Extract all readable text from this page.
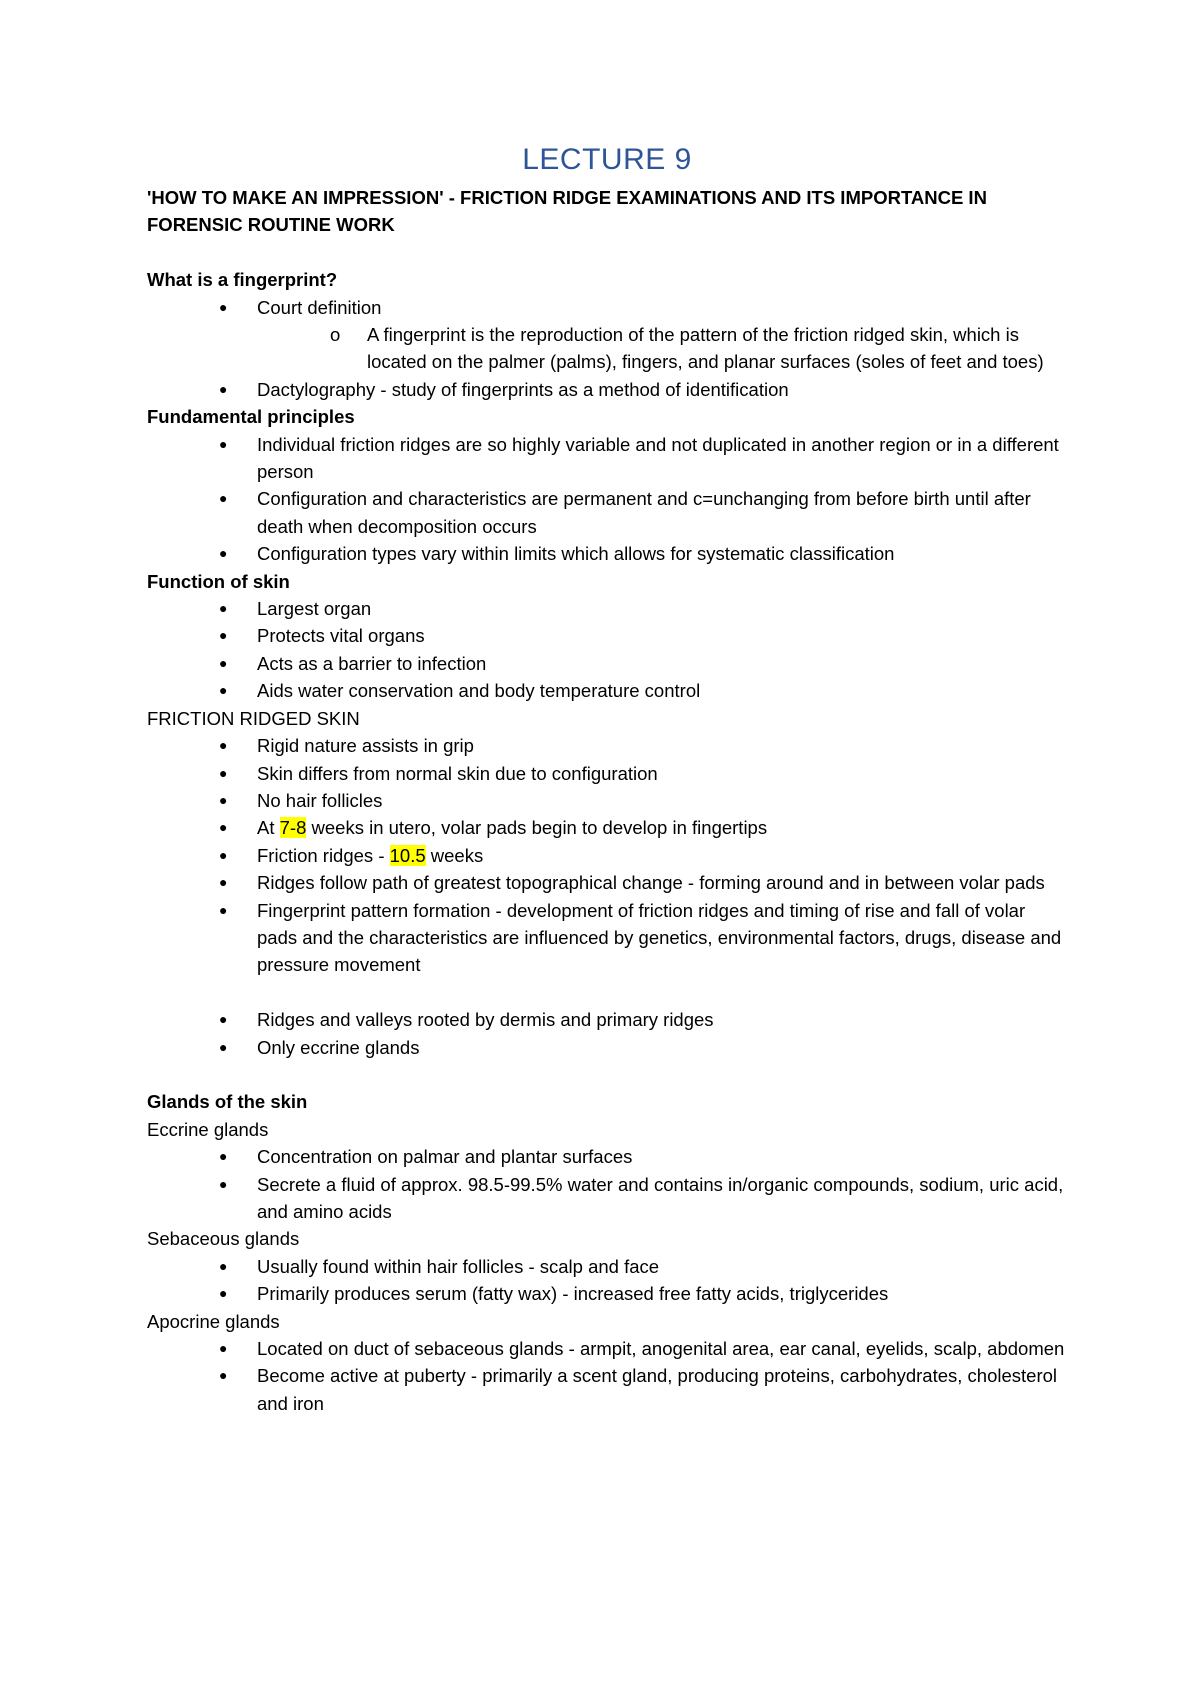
LECTURE 9

'HOW TO MAKE AN IMPRESSION' - FRICTION RIDGE EXAMINATIONS AND ITS IMPORTANCE IN FORENSIC ROUTINE WORK

What is a fingerprint?

● Court definition
o A fingerprint is the reproduction of the pattern of the friction ridged skin, which is located on the palmer (palms), fingers, and planar surfaces (soles of feet and toes)
● Dactylography - study of fingerprints as a method of identification

Fundamental principles

● Individual friction ridges are so highly variable and not duplicated in another region or in a different person
● Configuration and characteristics are permanent and c=unchanging from before birth until after death when decomposition occurs
● Configuration types vary within limits which allows for systematic classification

Function of skin

● Largest organ
● Protects vital organs
● Acts as a barrier to infection
● Aids water conservation and body temperature control

FRICTION RIDGED SKIN

● Rigid nature assists in grip
● Skin differs from normal skin due to configuration
● No hair follicles
● At 7-8 weeks in utero, volar pads begin to develop in fingertips
● Friction ridges - 10.5 weeks
● Ridges follow path of greatest topographical change - forming around and in between volar pads
● Fingerprint pattern formation - development of friction ridges and timing of rise and fall of volar pads and the characteristics are influenced by genetics, environmental factors, drugs, disease and pressure movement
● Ridges and valleys rooted by dermis and primary ridges
● Only eccrine glands

Glands of the skin

Eccrine glands

● Concentration on palmar and plantar surfaces
● Secrete a fluid of approx. 98.5-99.5% water and contains in/organic compounds, sodium, uric acid, and amino acids

Sebaceous glands

● Usually found within hair follicles - scalp and face
● Primarily produces serum (fatty wax) - increased free fatty acids, triglycerides

Apocrine glands

● Located on duct of sebaceous glands - armpit, anogenital area, ear canal, eyelids, scalp, abdomen
● Become active at puberty - primarily a scent gland, producing proteins, carbohydrates, cholesterol and iron
